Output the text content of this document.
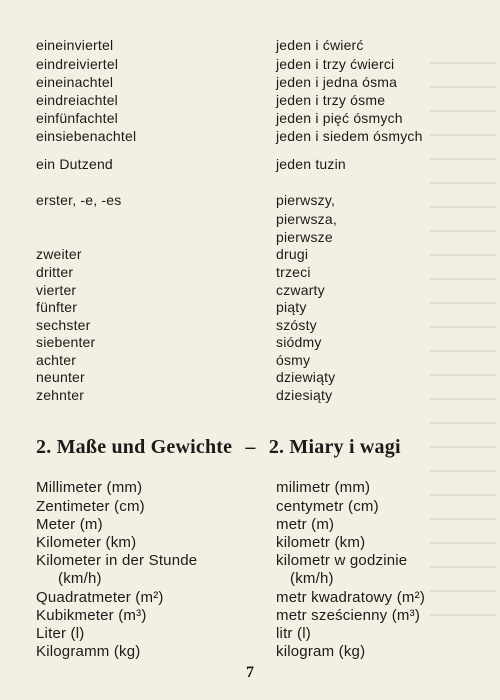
eineinviertel	jeden i ćwierć
eindreiviertel	jeden i trzy ćwierci
eineinachtel	jeden i jedna ósma
eindreiachtel	jeden i trzy ósme
einfünfachtel	jeden i pięć ósmych
einsiebenachtel	jeden i siedem ósmych
ein Dutzend	jeden tuzin
erster, -e, -es	pierwszy,
pierwsza,
pierwsze
zweiter	drugi
dritter	trzeci
vierter	czwarty
fünfter	piąty
sechster	szósty
siebenter	siódmy
achter	ósmy
neunter	dziewiąty
zehnter	dziesiąty
2. Maße und Gewichte – 2. Miary i wagi
Millimeter (mm)	milimetr (mm)
Zentimeter (cm)	centymetr (cm)
Meter (m)	metr (m)
Kilometer (km)	kilometr (km)
Kilometer in der Stunde	kilometr w godzinie
(km/h)	(km/h)
Quadratmeter (m²)	metr kwadratowy (m²)
Kubikmeter (m³)	metr sześcienny (m³)
Liter (l)	litr (l)
Kilogramm (kg)	kilogram (kg)
7
